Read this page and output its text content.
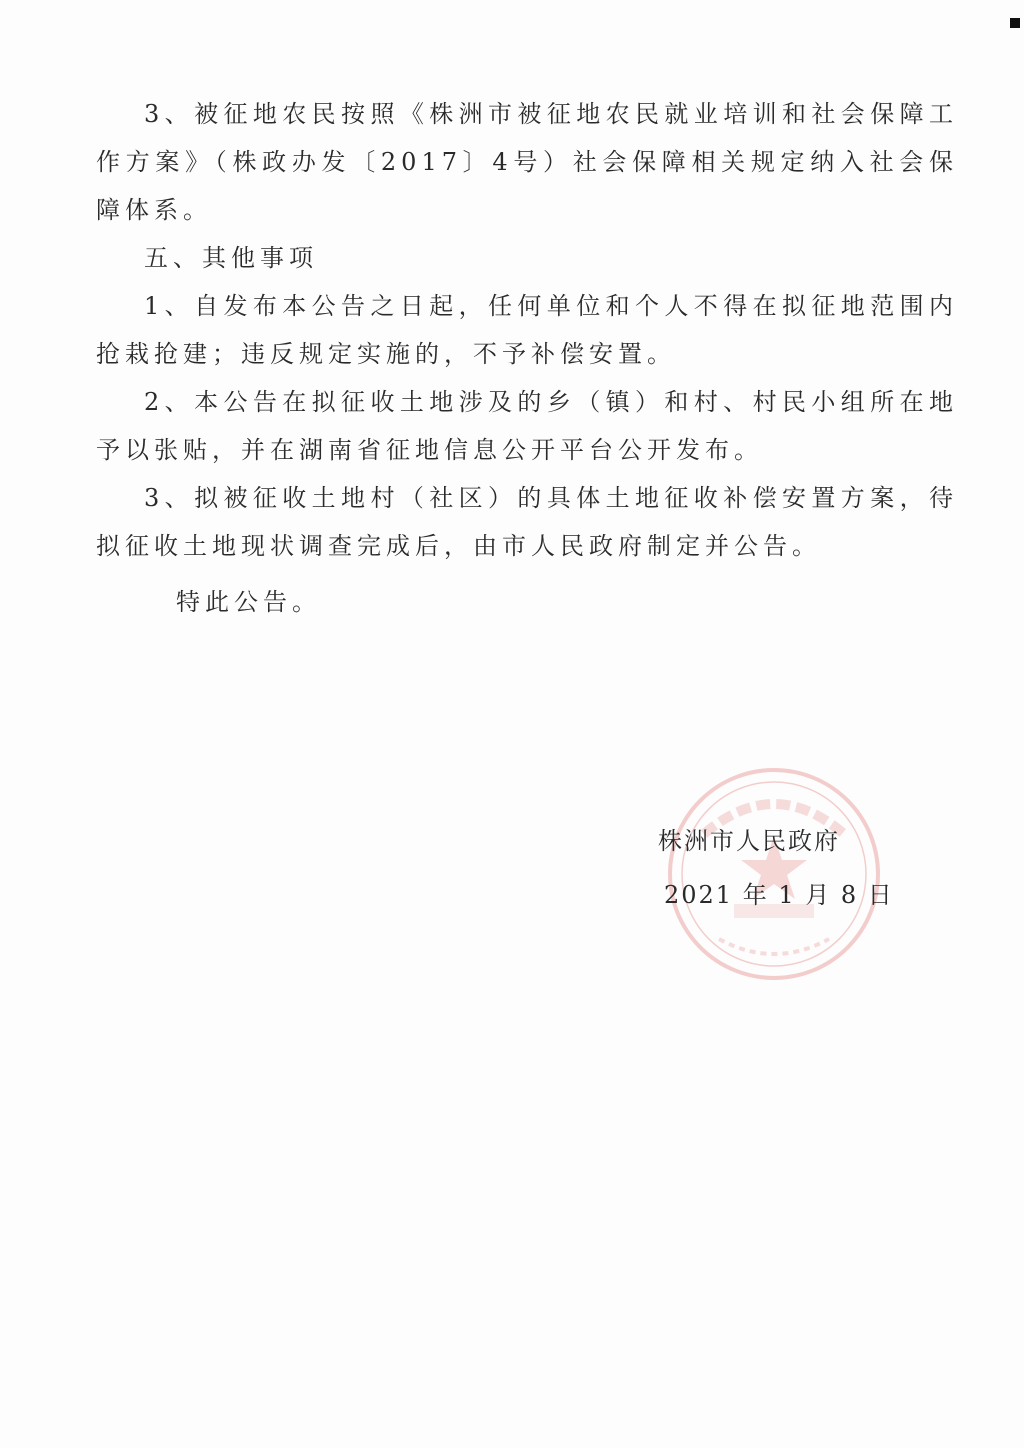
3、被征地农民按照《株洲市被征地农民就业培训和社会保障工作方案》（株政办发〔2017〕4号）社会保障相关规定纳入社会保障体系。

五、其他事项

1、自发布本公告之日起，任何单位和个人不得在拟征地范围内抢栽抢建；违反规定实施的，不予补偿安置。

2、本公告在拟征收土地涉及的乡（镇）和村、村民小组所在地予以张贴，并在湖南省征地信息公开平台公开发布。

3、拟被征收土地村（社区）的具体土地征收补偿安置方案，待拟征收土地现状调查完成后，由市人民政府制定并公告。

特此公告。
株洲市人民政府
2021 年 1 月 8 日
